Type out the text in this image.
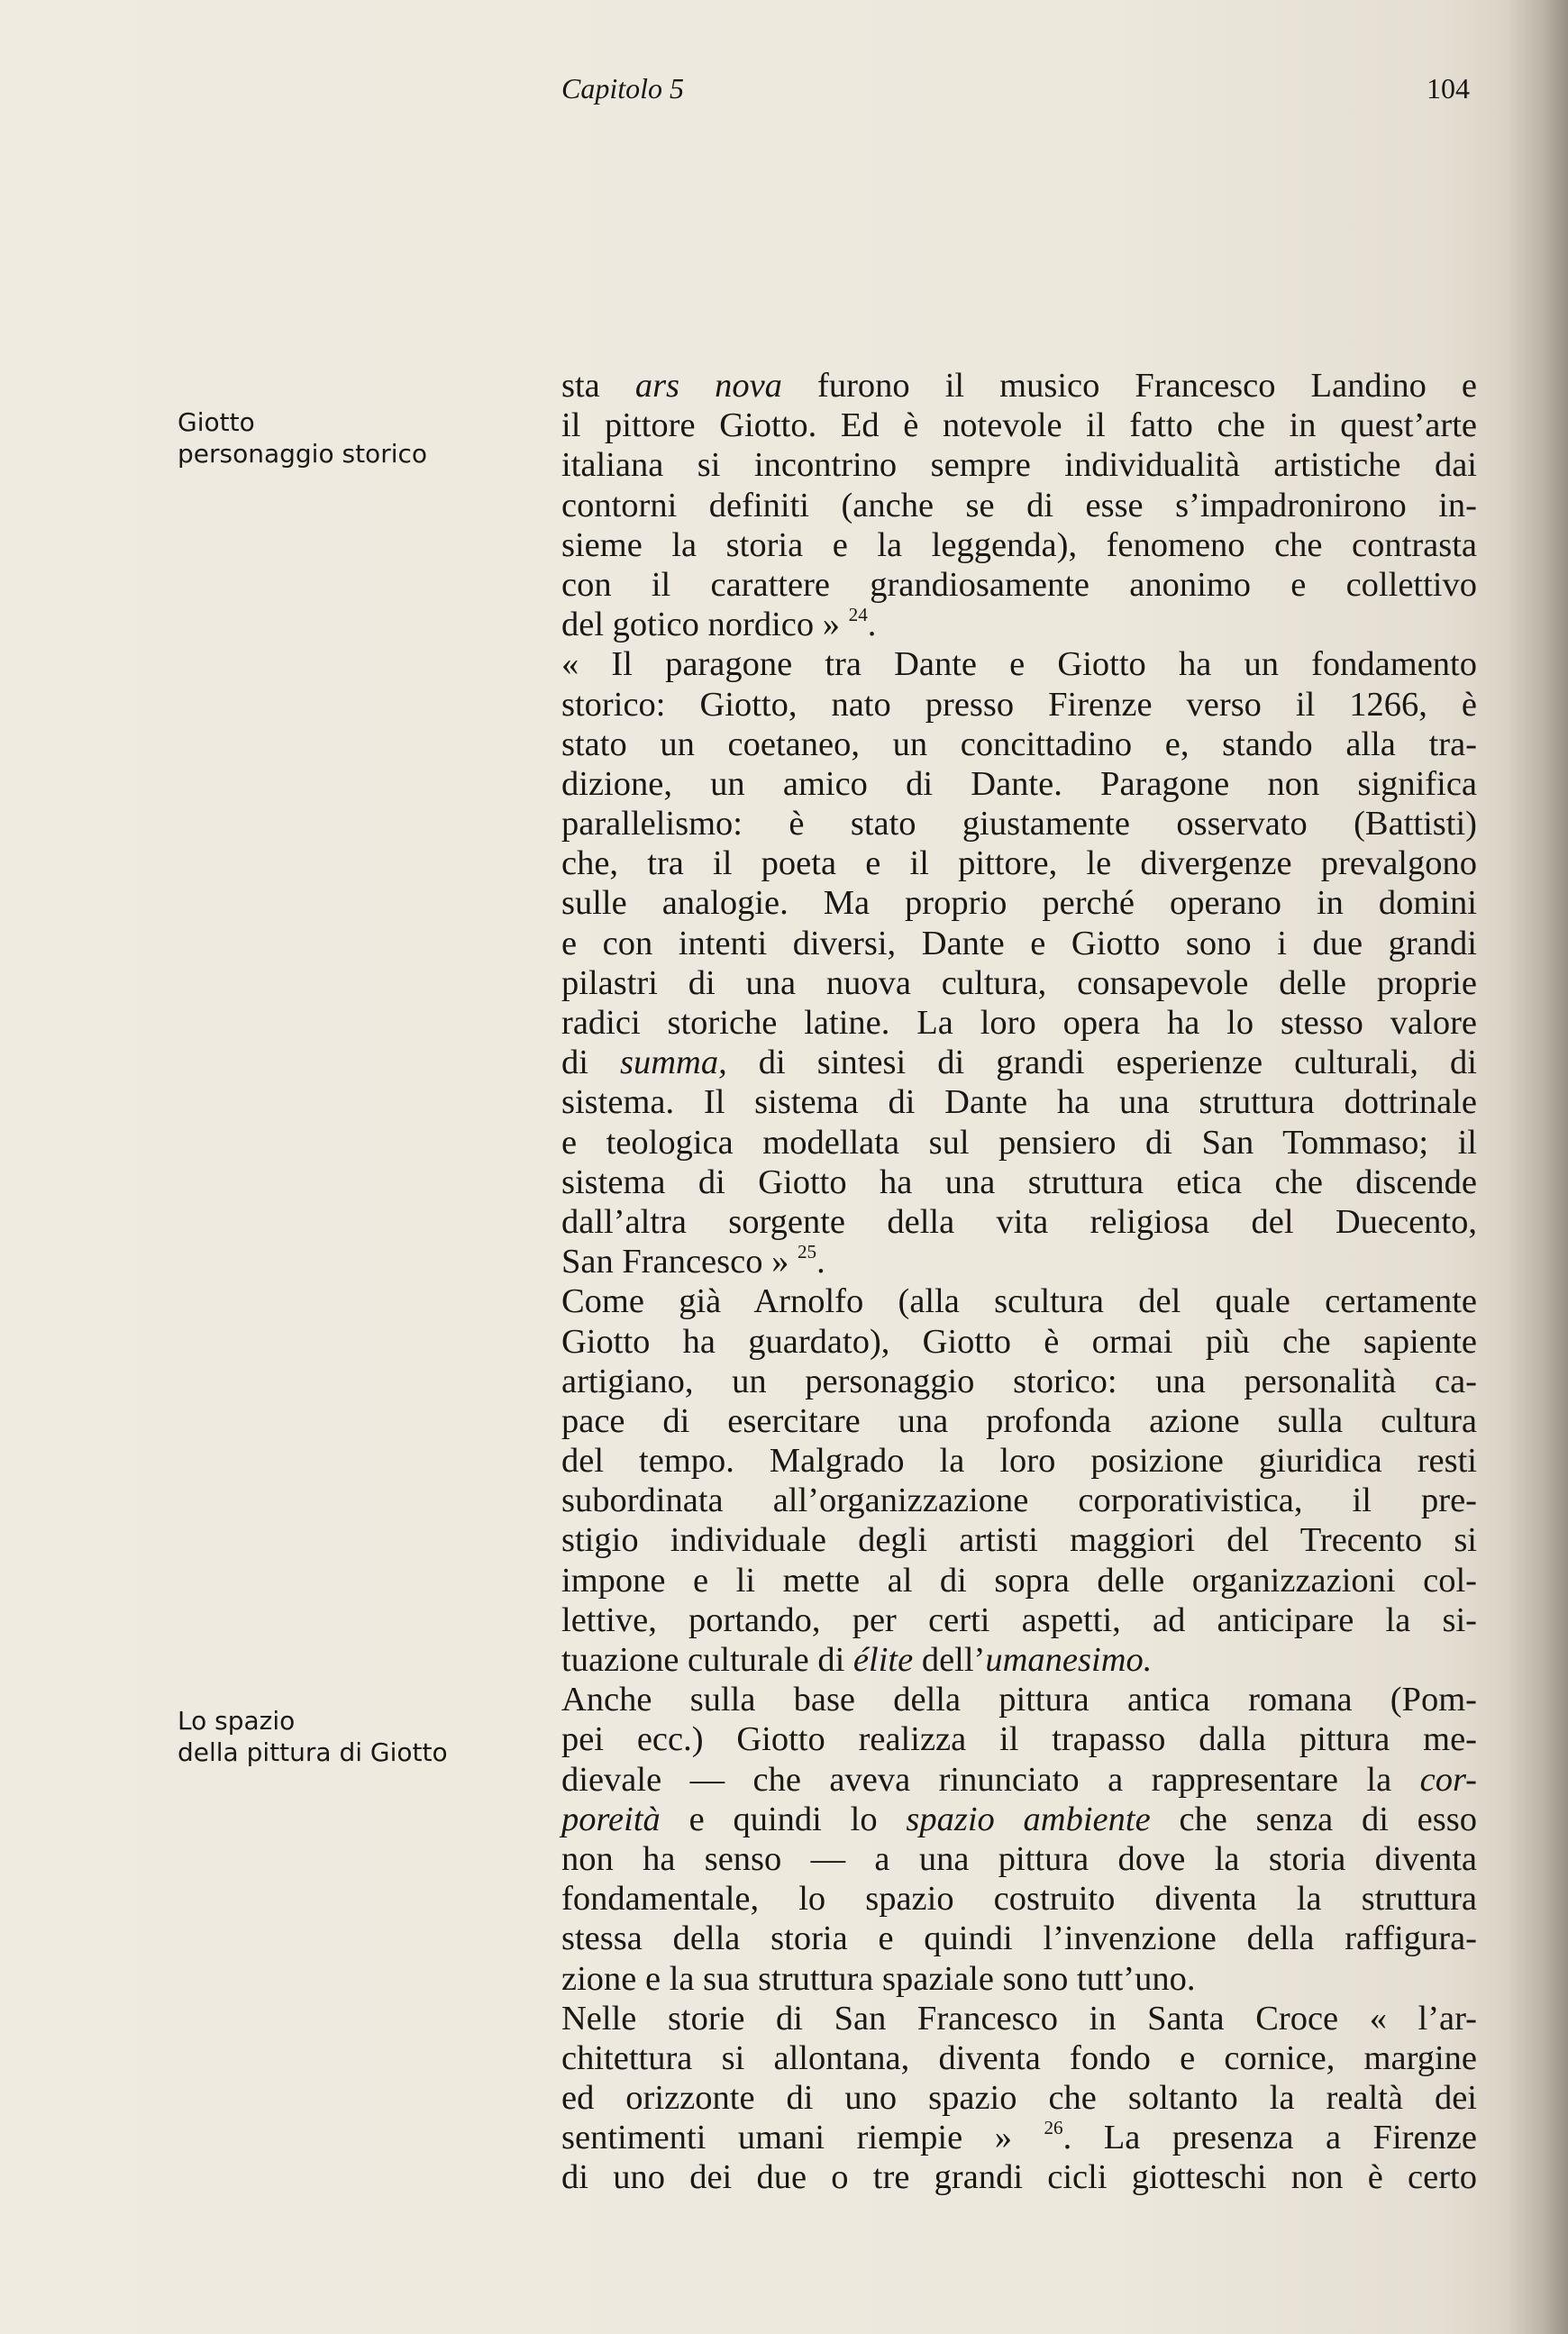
Capitolo 5	104
Giotto
personaggio storico
Lo spazio
della pittura di Giotto
sta ars nova furono il musico Francesco Landino e
il pittore Giotto. Ed è notevole il fatto che in quest’arte
italiana si incontrino sempre individualità artistiche dai
contorni definiti (anche se di esse s’impadronirono in-
sieme la storia e la leggenda), fenomeno che contrasta
con il carattere grandiosamente anonimo e collettivo
del gotico nordico » $^{24}$.
« Il paragone tra Dante e Giotto ha un fondamento
storico: Giotto, nato presso Firenze verso il 1266, è
stato un coetaneo, un concittadino e, stando alla tra-
dizione, un amico di Dante. Paragone non significa
parallelismo: è stato giustamente osservato (Battisti)
che, tra il poeta e il pittore, le divergenze prevalgono
sulle analogie. Ma proprio perché operano in domini
e con intenti diversi, Dante e Giotto sono i due grandi
pilastri di una nuova cultura, consapevole delle proprie
radici storiche latine. La loro opera ha lo stesso valore
di summa, di sintesi di grandi esperienze culturali, di
sistema. Il sistema di Dante ha una struttura dottrinale
e teologica modellata sul pensiero di San Tommaso; il
sistema di Giotto ha una struttura etica che discende
dall’altra sorgente della vita religiosa del Duecento,
San Francesco » $^{25}$.
Come già Arnolfo (alla scultura del quale certamente
Giotto ha guardato), Giotto è ormai più che sapiente
artigiano, un personaggio storico: una personalità ca-
pace di esercitare una profonda azione sulla cultura
del tempo. Malgrado la loro posizione giuridica resti
subordinata all’organizzazione corporativistica, il pre-
stigio individuale degli artisti maggiori del Trecento si
impone e li mette al di sopra delle organizzazioni col-
lettive, portando, per certi aspetti, ad anticipare la si-
tuazione culturale di élite dell’umanesimo.
Anche sulla base della pittura antica romana (Pom-
pei ecc.) Giotto realizza il trapasso dalla pittura me-
dievale — che aveva rinunciato a rappresentare la cor-
poreità e quindi lo spazio ambiente che senza di esso
non ha senso — a una pittura dove la storia diventa
fondamentale, lo spazio costruito diventa la struttura
stessa della storia e quindi l’invenzione della raffigura-
zione e la sua struttura spaziale sono tutt’uno.
Nelle storie di San Francesco in Santa Croce « l’ar-
chitettura si allontana, diventa fondo e cornice, margine
ed orizzonte di uno spazio che soltanto la realtà dei
sentimenti umani riempie » $^{26}$. La presenza a Firenze
di uno dei due o tre grandi cicli giotteschi non è certo
